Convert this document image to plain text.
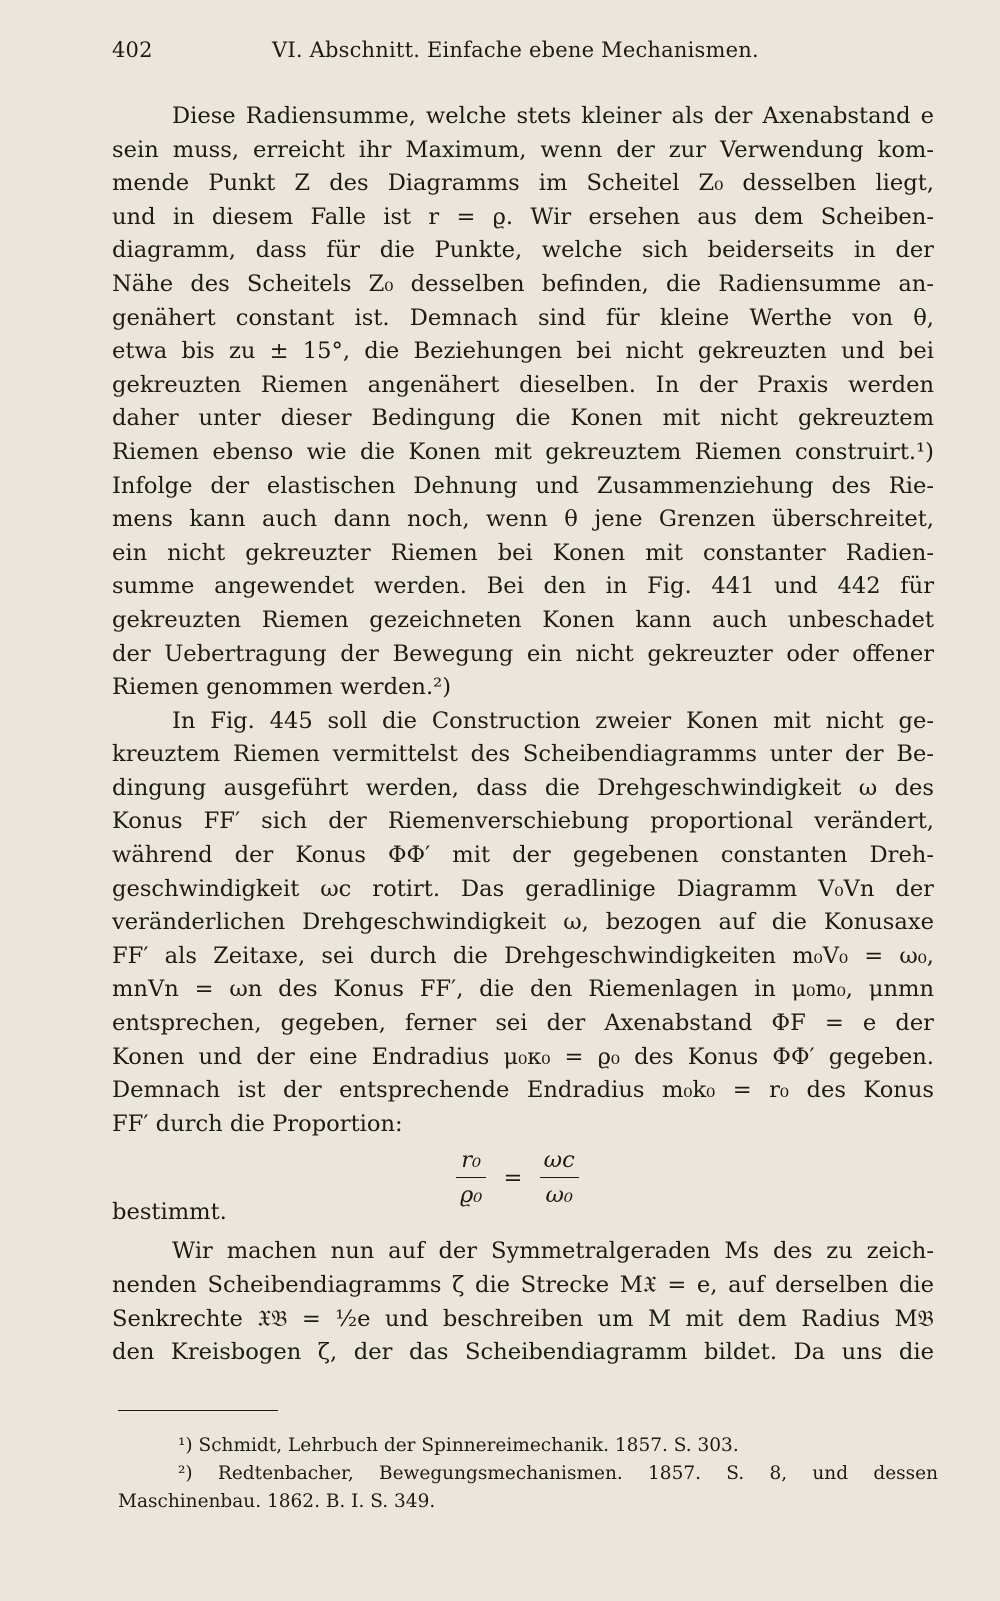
402	VI. Abschnitt. Einfache ebene Mechanismen.
Diese Radiensumme, welche stets kleiner als der Axenabstand e
sein muss, erreicht ihr Maximum, wenn der zur Verwendung kom-
mende Punkt Z des Diagramms im Scheitel Z₀ desselben liegt,
und in diesem Falle ist r = ϱ. Wir ersehen aus dem Scheiben-
diagramm, dass für die Punkte, welche sich beiderseits in der
Nähe des Scheitels Z₀ desselben befinden, die Radiensumme an-
genähert constant ist. Demnach sind für kleine Werthe von θ,
etwa bis zu ± 15°, die Beziehungen bei nicht gekreuzten und bei
gekreuzten Riemen angenähert dieselben. In der Praxis werden
daher unter dieser Bedingung die Konen mit nicht gekreuztem
Riemen ebenso wie die Konen mit gekreuztem Riemen construirt.¹)
Infolge der elastischen Dehnung und Zusammenziehung des Rie-
mens kann auch dann noch, wenn θ jene Grenzen überschreitet,
ein nicht gekreuzter Riemen bei Konen mit constanter Radien-
summe angewendet werden. Bei den in Fig. 441 und 442 für
gekreuzten Riemen gezeichneten Konen kann auch unbeschadet
der Uebertragung der Bewegung ein nicht gekreuzter oder offener
Riemen genommen werden.²)
In Fig. 445 soll die Construction zweier Konen mit nicht ge-
kreuztem Riemen vermittelst des Scheibendiagramms unter der Be-
dingung ausgeführt werden, dass die Drehgeschwindigkeit ω des
Konus FF′ sich der Riemenverschiebung proportional verändert,
während der Konus ΦΦ′ mit der gegebenen constanten Dreh-
geschwindigkeit ωc rotirt. Das geradlinige Diagramm V₀Vn der
veränderlichen Drehgeschwindigkeit ω, bezogen auf die Konusaxe
FF′ als Zeitaxe, sei durch die Drehgeschwindigkeiten m₀V₀ = ω₀,
mnVn = ωn des Konus FF′, die den Riemenlagen in μ₀m₀, μnmn
entsprechen, gegeben, ferner sei der Axenabstand ΦF = e der
Konen und der eine Endradius μ₀κ₀ = ϱ₀ des Konus ΦΦ′ gegeben.
Demnach ist der entsprechende Endradius m₀k₀ = r₀ des Konus
FF′ durch die Proportion:
bestimmt.
$\frac{\text{r₀}}{\text{ϱ₀}} = \frac{\omega c}{\text{ω₀}}$
Wir machen nun auf der Symmetralgeraden Ms des zu zeich-
nenden Scheibendiagramms ζ die Strecke M𝔛 = e, auf derselben die
Senkrechte 𝔛𝔅 = ½e und beschreiben um M mit dem Radius M𝔅
den Kreisbogen ζ, der das Scheibendiagramm bildet. Da uns die
¹) Schmidt, Lehrbuch der Spinnereimechanik. 1857. S. 303.
²) Redtenbacher, Bewegungsmechanismen. 1857. S. 8, und dessen
Maschinenbau. 1862. B. I. S. 349.
